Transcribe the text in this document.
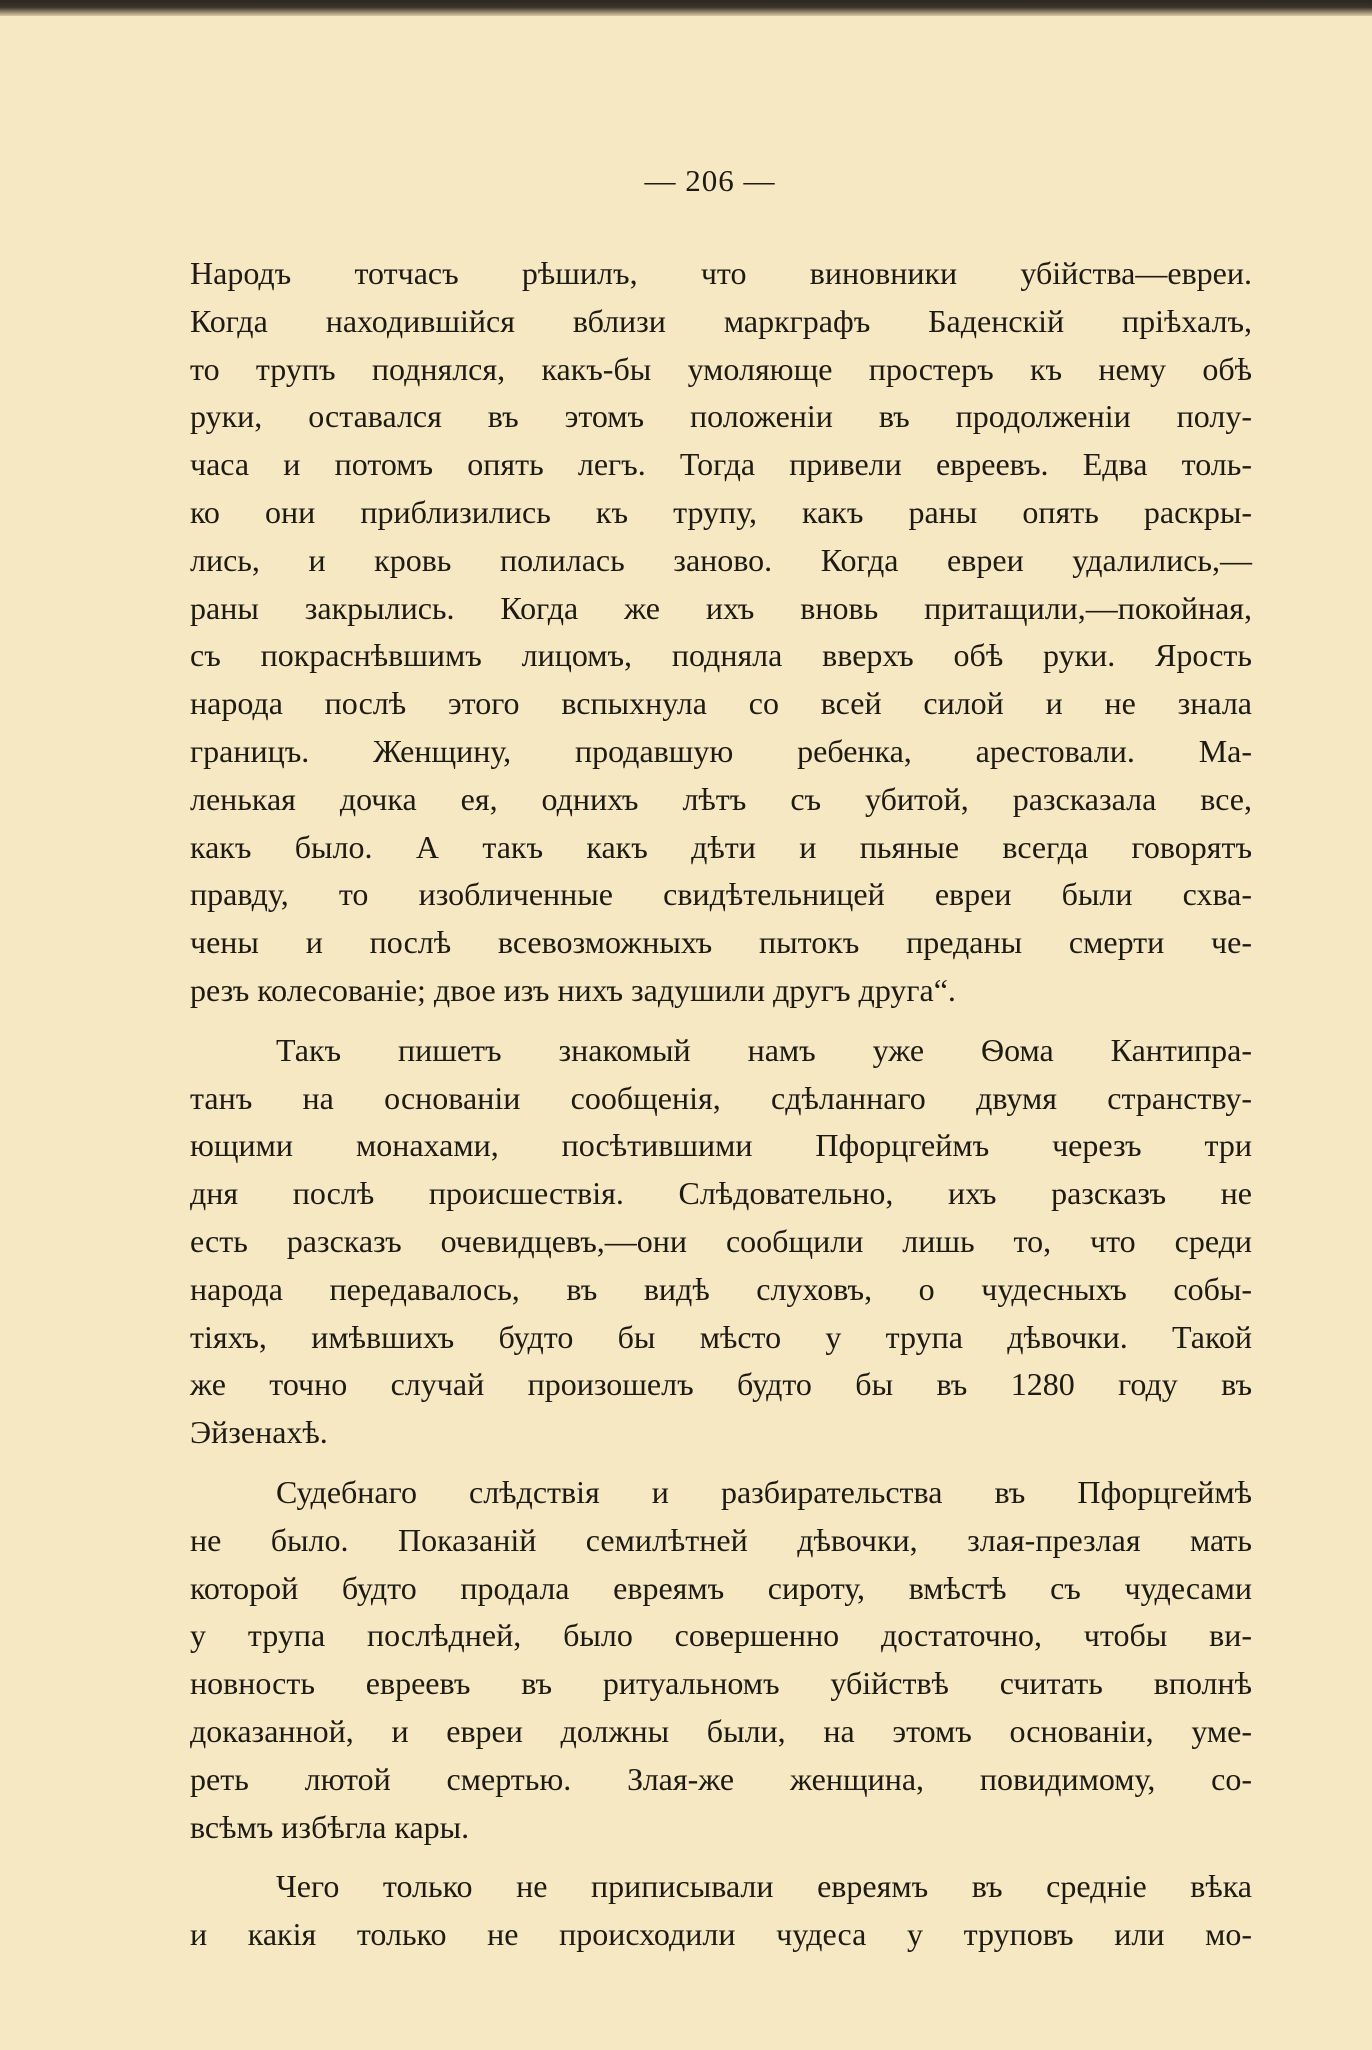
— 206 —
Народъ тотчасъ рѣшилъ, что виновники убійства—евреи.
Когда находившійся вблизи маркграфъ Баденскій пріѣхалъ,
то трупъ поднялся, какъ-бы умоляюще простеръ къ нему обѣ
руки, оставался въ этомъ положеніи въ продолженіи полу-
часа и потомъ опять легъ. Тогда привели евреевъ. Едва толь-
ко они приблизились къ трупу, какъ раны опять раскры-
лись, и кровь полилась заново. Когда евреи удалились,—
раны закрылись. Когда же ихъ вновь притащили,—покойная,
съ покраснѣвшимъ лицомъ, подняла вверхъ обѣ руки. Ярость
народа послѣ этого вспыхнула со всей силой и не знала
границъ. Женщину, продавшую ребенка, арестовали. Ма-
ленькая дочка ея, однихъ лѣтъ съ убитой, разсказала все,
какъ было. А такъ какъ дѣти и пьяные всегда говорятъ
правду, то изобличенные свидѣтельницей евреи были схва-
чены и послѣ всевозможныхъ пытокъ преданы смерти че-
резъ колесованіе; двое изъ нихъ задушили другъ друга“.
Такъ пишетъ знакомый намъ уже Ѳома Кантипра-
танъ на основаніи сообщенія, сдѣланнаго двумя странству-
ющими монахами, посѣтившими Пфорцгеймъ черезъ три
дня послѣ происшествія. Слѣдовательно, ихъ разсказъ не
есть разсказъ очевидцевъ,—они сообщили лишь то, что среди
народа передавалось, въ видѣ слуховъ, о чудесныхъ собы-
тіяхъ, имѣвшихъ будто бы мѣсто у трупа дѣвочки. Такой
же точно случай произошелъ будто бы въ 1280 году въ
Эйзенахѣ.
Судебнаго слѣдствія и разбирательства въ Пфорцгеймѣ
не было. Показаній семилѣтней дѣвочки, злая-презлая мать
которой будто продала евреямъ сироту, вмѣстѣ съ чудесами
у трупа послѣдней, было совершенно достаточно, чтобы ви-
новность евреевъ въ ритуальномъ убійствѣ считать вполнѣ
доказанной, и евреи должны были, на этомъ основаніи, уме-
реть лютой смертью. Злая-же женщина, повидимому, со-
всѣмъ избѣгла кары.
Чего только не приписывали евреямъ въ средніе вѣка
и какія только не происходили чудеса у труповъ или мо-
